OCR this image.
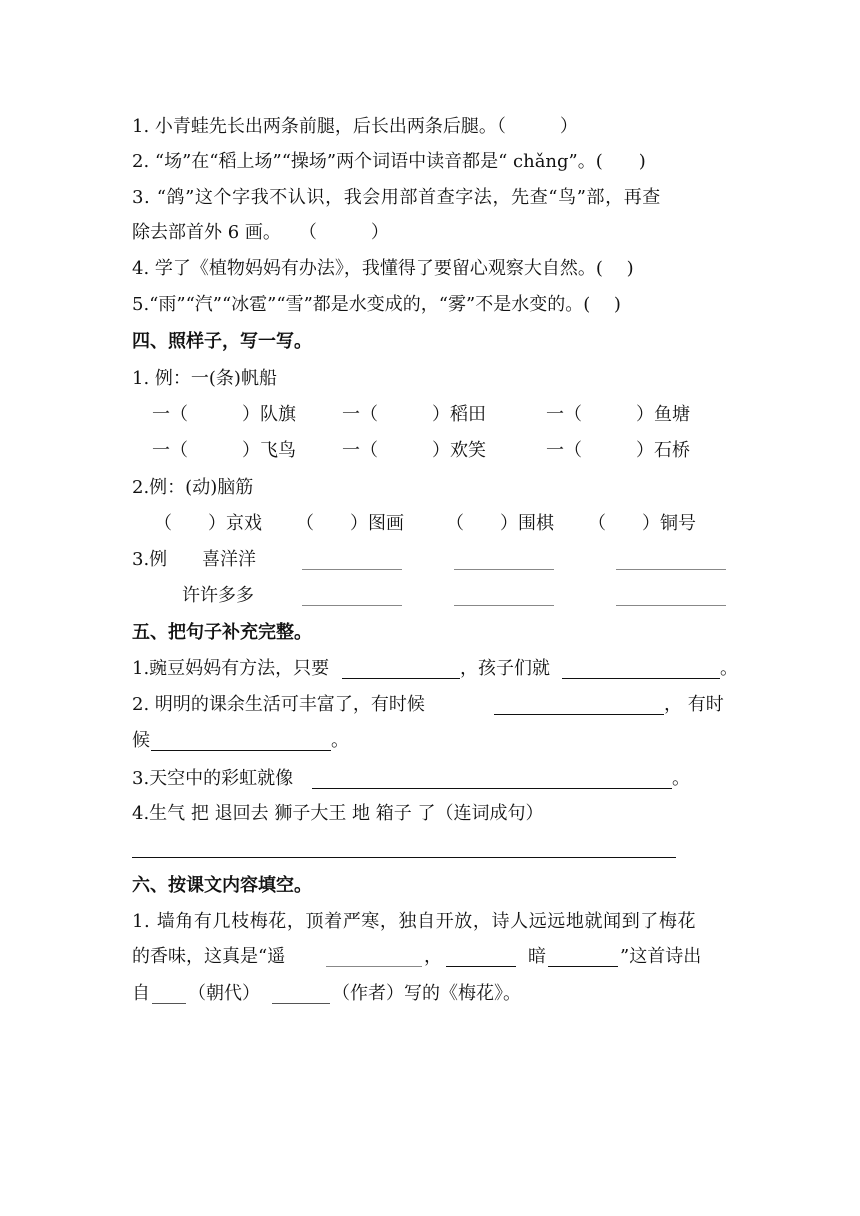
1. 小青蛙先长出两条前腿，后长出两条后腿。（　　　）
2. “场”在“稻上场”“操场”两个词语中读音都是“ chǎng”。(　　)
3. “鸽”这个字我不认识，我会用部首查字法，先查“鸟”部，再查
除去部首外 6 画。　　（　　　）
4. 学了《植物妈妈有办法》，我懂得了要留心观察大自然。(　 )
5.“雨”“汽”“冰雹”“雪”都是水变成的，“雾”不是水变的。(　 )
四、照样子，写一写。
1. 例：一(条)帆船
一（　　　）队旗	一（　　　）稻田	一（　　　）鱼塘
一（　　　）飞鸟	一（　　　）欢笑	一（　　　）石桥
2.例：(动)脑筋
（　　）京戏 （　　）图画 （　　）围棋 （　　）铜号
3.例 喜洋洋
许许多多
五、把句子补充完整。
1.豌豆妈妈有方法，只要	，孩子们就	。
2. 明明的课余生活可丰富了，有时候	， 有时
候	。
3.天空中的彩虹就像	。
4.生气 把 退回去 狮子大王 地 箱子 了（连词成句）
六、按课文内容填空。
1. 墙角有几枝梅花，顶着严寒，独自开放，诗人远远地就闻到了梅花
的香味，这真是“遥	，	暗	”这首诗出
自 （朝代）	（作者）写的《梅花》。
